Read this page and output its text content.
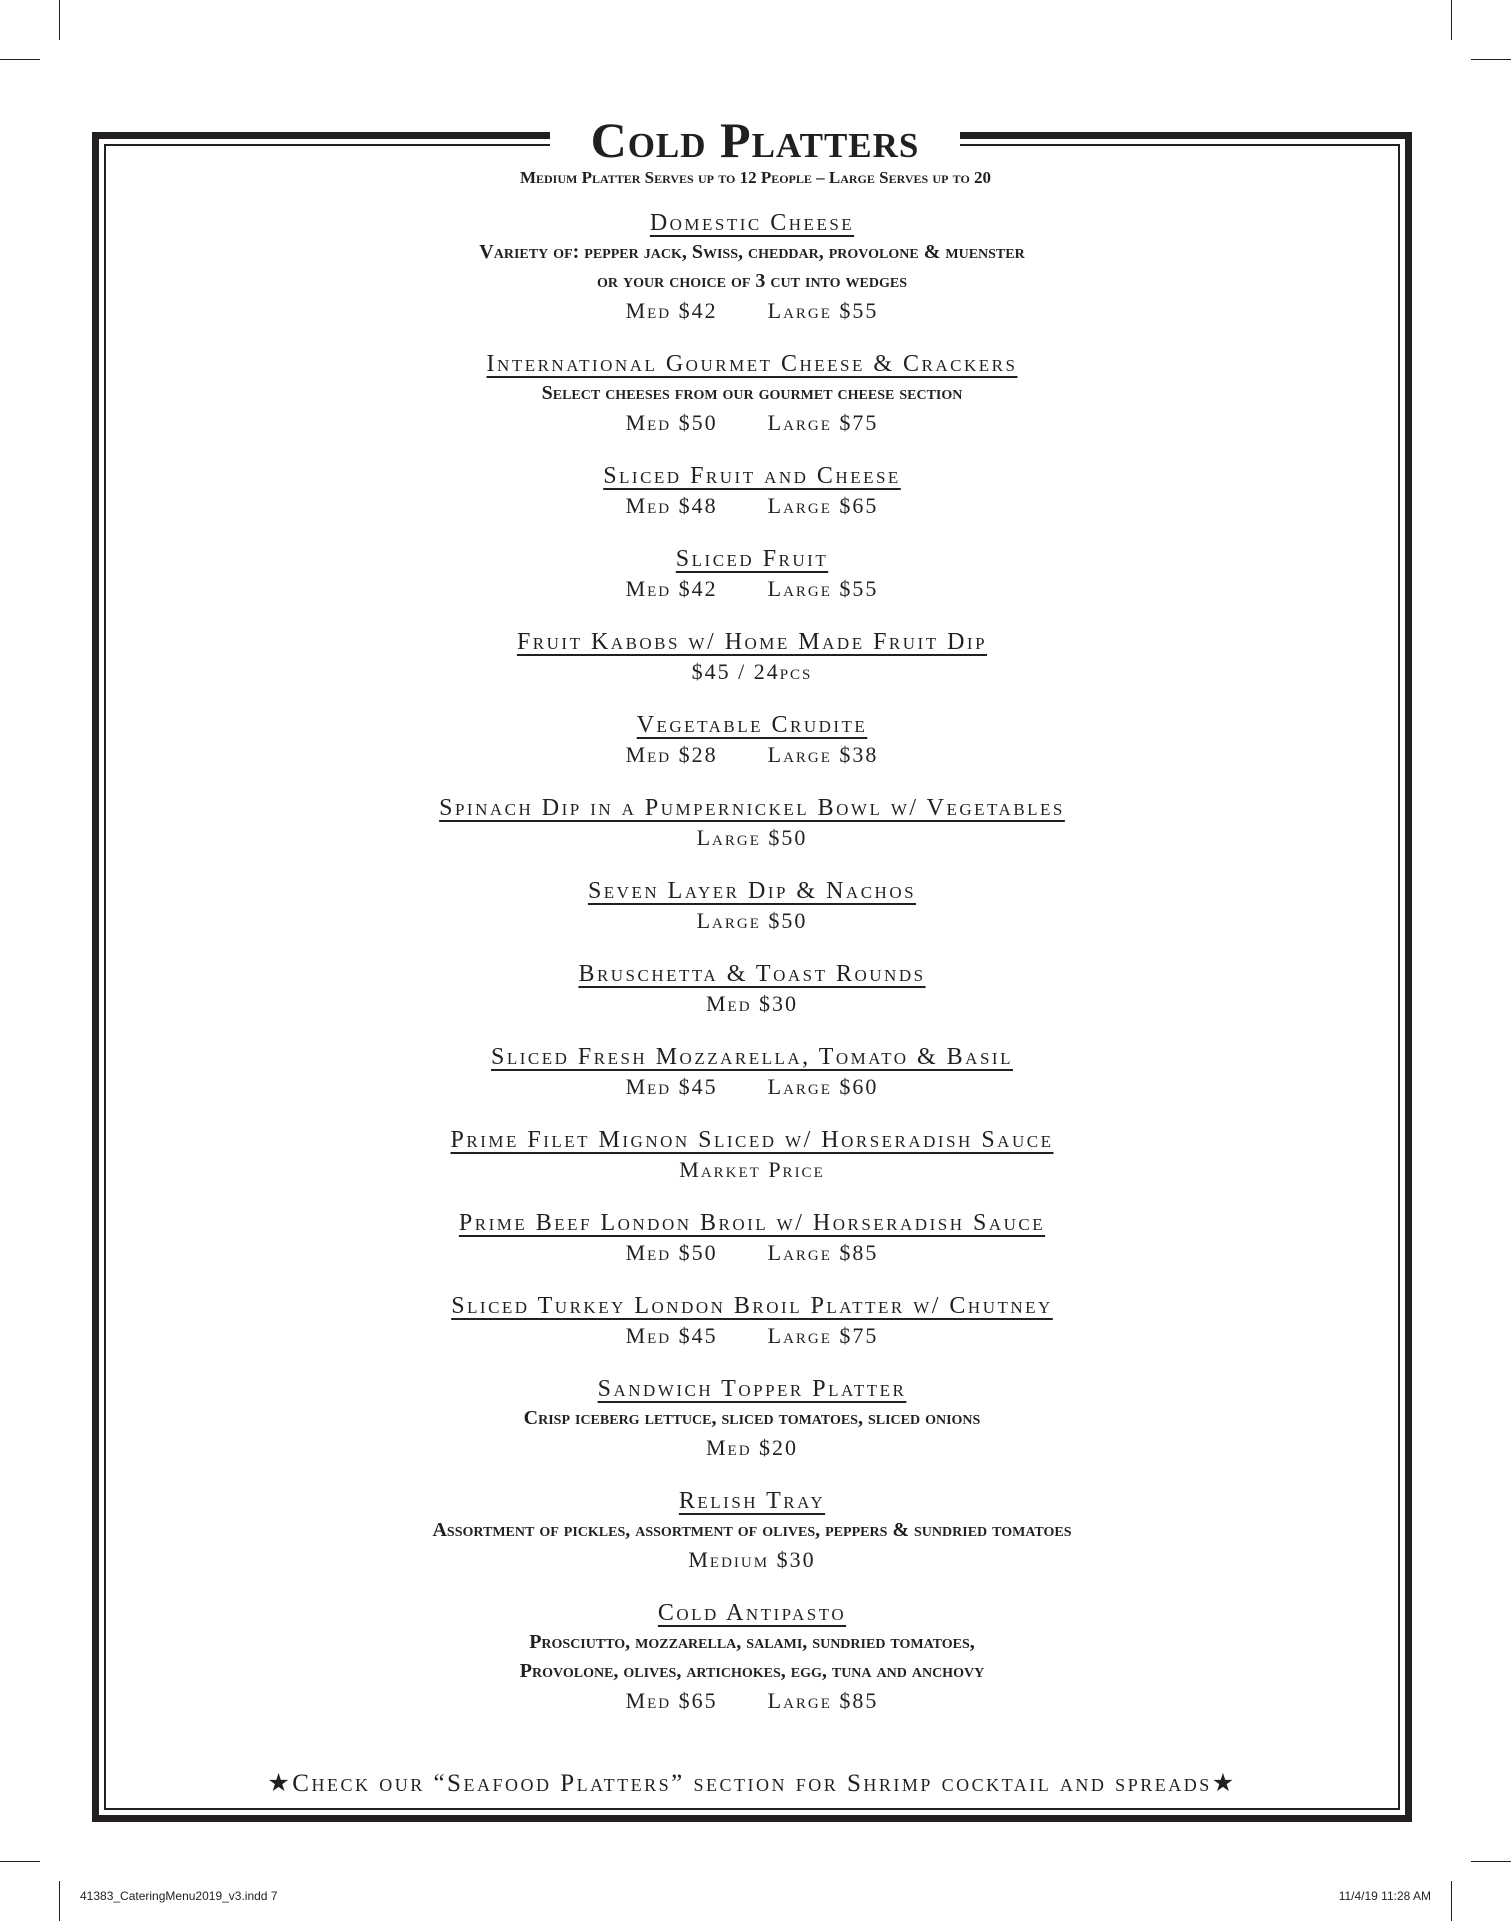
Cold Platters
Medium Platter Serves up to 12 People – Large Serves up to 20
Domestic Cheese
Variety of: pepper jack, Swiss, cheddar, provolone & muenster
or your choice of 3 cut into wedges
Med $42 Large $55
International Gourmet Cheese & Crackers
Select cheeses from our gourmet cheese section
Med $50 Large $75
Sliced Fruit and Cheese
Med $48 Large $65
Sliced Fruit
Med $42 Large $55
Fruit Kabobs w/ Home Made Fruit Dip
$45 / 24pcs
Vegetable Crudite
Med $28 Large $38
Spinach Dip in a Pumpernickel Bowl w/ Vegetables
Large $50
Seven Layer Dip & Nachos
Large $50
Bruschetta & Toast Rounds
Med $30
Sliced Fresh Mozzarella, Tomato & Basil
Med $45 Large $60
Prime Filet Mignon Sliced w/ Horseradish Sauce
Market Price
Prime Beef London Broil w/ Horseradish Sauce
Med $50 Large $85
Sliced Turkey London Broil Platter w/ Chutney
Med $45 Large $75
Sandwich Topper Platter
Crisp iceberg lettuce, sliced tomatoes, sliced onions
Med $20
Relish Tray
Assortment of pickles, assortment of olives, peppers & sundried tomatoes
Medium $30
Cold Antipasto
Prosciutto, mozzarella, salami, sundried tomatoes,
Provolone, olives, artichokes, egg, tuna and anchovy
Med $65 Large $85
★Check our “Seafood Platters” section for Shrimp cocktail and spreads★
41383_CateringMenu2019_v3.indd 7	11/4/19 11:28 AM
